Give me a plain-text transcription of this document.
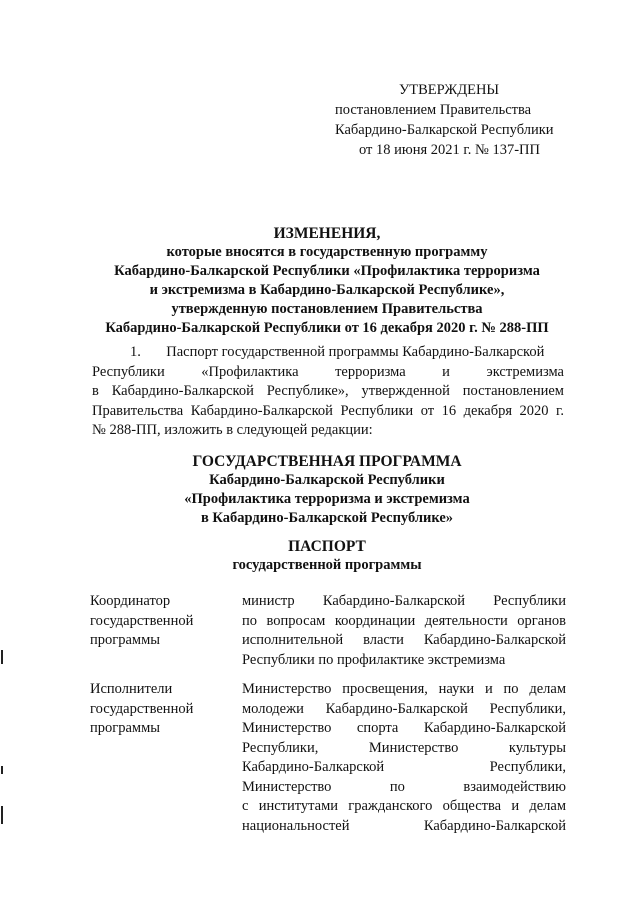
УТВЕРЖДЕНЫ
постановлением Правительства
Кабардино-Балкарской Республики
от 18 июня 2021 г. № 137-ПП
ИЗМЕНЕНИЯ,
которые вносятся в государственную программу
Кабардино-Балкарской Республики «Профилактика терроризма
и экстремизма в Кабардино-Балкарской Республике»,
утвержденную постановлением Правительства
Кабардино-Балкарской Республики от 16 декабря 2020 г. № 288-ПП
1.       Паспорт государственной программы Кабардино-Балкарской
Республики «Профилактика терроризма и экстремизма
в Кабардино-Балкарской Республике», утвержденной постановлением
Правительства Кабардино-Балкарской Республики от 16 декабря 2020 г.
№ 288-ПП, изложить в следующей редакции:
ГОСУДАРСТВЕННАЯ ПРОГРАММА
Кабардино-Балкарской Республики
«Профилактика терроризма и экстремизма
в Кабардино-Балкарской Республике»
ПАСПОРТ
государственной программы
Координатор
государственной
программы
министр Кабардино-Балкарской Республики
по вопросам координации деятельности органов
исполнительной власти Кабардино-Балкарской
Республики по профилактике экстремизма
Исполнители
государственной
программы
Министерство просвещения, науки и по делам
молодежи Кабардино-Балкарской Республики,
Министерство спорта Кабардино-Балкарской
Республики, Министерство культуры
Кабардино-Балкарской Республики,
Министерство по взаимодействию
с институтами гражданского общества и делам
национальностей Кабардино-Балкарской
